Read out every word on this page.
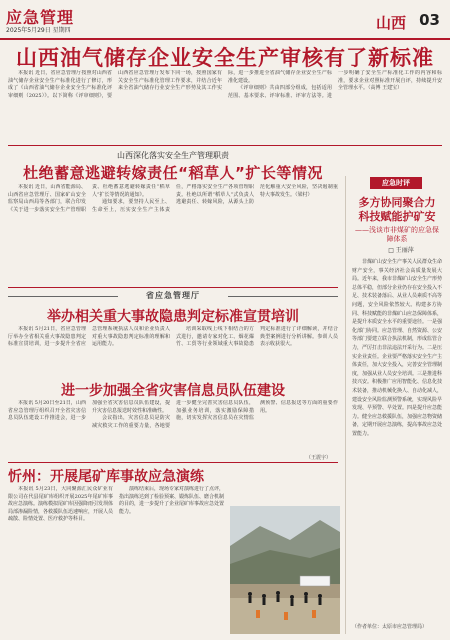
应急管理
2025年5月29日 星期四	山西 03
山西油气储存企业安全生产审核有了新标准

本报讯 近日，省应急管理厅按照对山西省油气储存企业安全生产标准化进行了修订，形成了《山西省油气储存企业安全生产标准化评审细则（2025）》。以下简称《评审细则》，要山西省应急管理厅发布下同一场，按照国家有关安全生产标准化管理工作要求，并结合近年来全省油气储存行业安全生产形势及其工作实际，进一步推进全省油气储存企业安全生产标准化建设。

《评审细则》共由四部分组成，包括适用范围、基本要求、评审标准、评审方法等。进一步明确了安全生产标准化工作的内容和标准，要求企业对照标准开展自评，持续提升安全管理水平。（高博 王建宝）

山西深化落实安全生产管理职责
杜绝蓄意逃避转嫁责任“稻草人”扩长等情况

本报讯 近日，山西省能源局、山西省应急管理厅、国家矿山安全监察局山西局等各部门，联合印发《关于进一步落实安全生产管理职责、杜绝蓄意逃避转嫁责任“稻草人”扩长等情况的通知》。

通知要求，要坚持人民至上、生命至上，压实安全生产主体责任，严格落实安全生产各项管理职责。杜绝以所谓“稻草人”式负责人逃避责任、转嫁风险，从源头上防范化解重大安全风险，坚决遏制重特大事故发生。（梁村）

省应急管理厅
举办相关重大事故隐患判定标准宣贯培训

本报讯 5月21日，省应急管理厅举办全省相关重大事故隐患判定标准宣贯培训，进一步提升全省应急管理系统执法人员和企业负责人对重大事故隐患判定标准的理解和运用能力。

培训采取线上线下相结合的方式进行，邀请专家对化工、烟花爆竹、工贸等行业领域重大事故隐患判定标准进行了详细解读，并结合典型案例进行分析讲解。参训人员表示收获很大。

进一步加强全省灾害信息员队伍建设

本报讯 5月20日至21日，山西省应急管理厅组织召开全省灾害信息员队伍建设工作推进会，进一步加强全省灾害信息员队伍建设，提升灾害信息报送时效性和准确性。

会议指出，灾害信息员是防灾减灾救灾工作的重要力量，各地要进一步健全完善灾害信息员队伍，加强业务培训，落实激励保障措施，切实发挥灾害信息员在灾情监测预警、信息报送等方面的重要作用。

（王震宇）
忻州：开展尾矿库事故应急演练

本报讯 5月23日，大同聚源汇民众矿业有限公司在代县尾矿库组织开展2025年尾矿库事故应急演练。演练模拟尾矿库因强降雨引发坝体局部渗漏险情，各救援队伍迅速响应，开展人员疏散、险情处置、医疗救护等科目。

演练结束后，现场专家对演练进行了点评，指出演练达到了检验预案、锻炼队伍、磨合机制的目的，进一步提升了企业尾矿库事故应急处置能力。

应急时评
多方协同聚合力 科技赋能护矿安
——浅谈市非煤矿的应急保障体系
□ 王丽萍
非煤矿山安全生产事关人民群众生命财产安全，事关经济社会高质量发展大局。近年来，我市非煤矿山安全生产形势总体平稳，但部分企业仍存在安全投入不足、技术装备落后、从业人员素质不高等问题，安全风险依然较大。构建多方协同、科技赋能的非煤矿山应急保障体系，是提升本质安全水平的重要途径。一是强化部门协同。应急管理、自然资源、公安等部门要建立联合执法机制，形成监管合力，严厉打击非法违法开采行为。二是压实企业责任。企业要严格落实安全生产主体责任，加大安全投入，完善安全管理制度，加强从业人员安全培训。三是推进科技兴安。积极推广应用智能化、信息化技术装备，推动机械化换人、自动化减人，建设安全风险监测预警系统，实现风险早发现、早预警、早处置。四是提升应急能力。健全应急救援队伍，加强应急物资储备，定期开展应急演练，提高事故应急处置能力。
（作者单位：太原市应急管理局）
